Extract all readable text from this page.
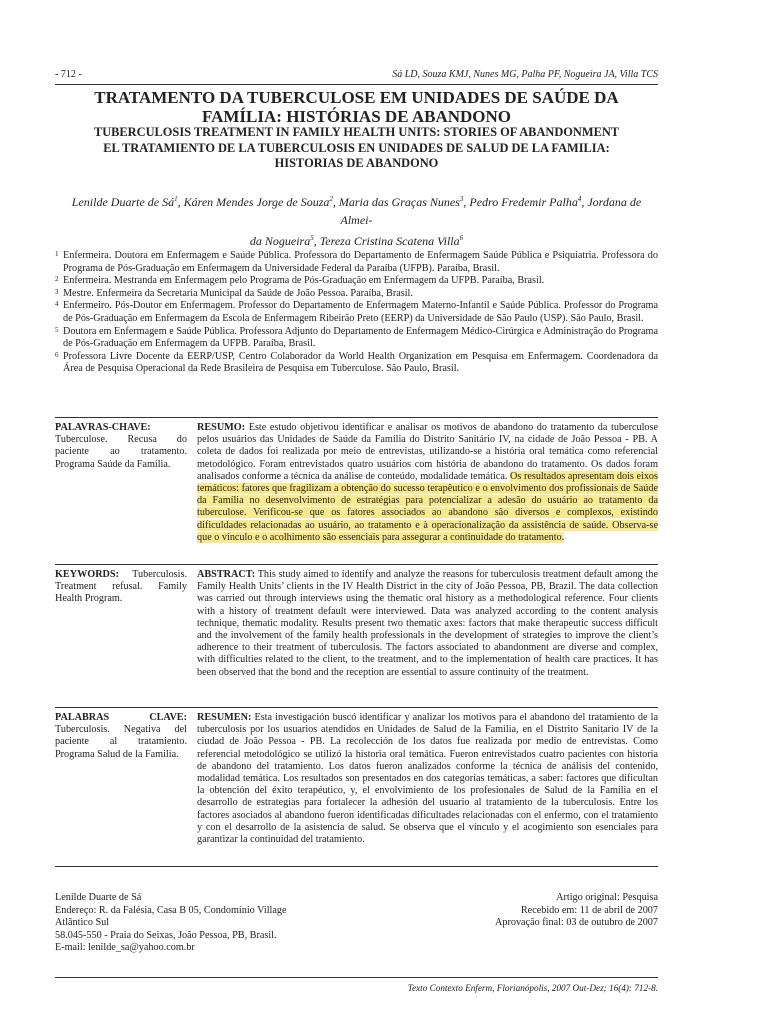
- 712 -	Sá LD, Souza KMJ, Nunes MG, Palha PF, Nogueira JA, Villa TCS
TRATAMENTO DA TUBERCULOSE EM UNIDADES DE SAÚDE DA
FAMÍLIA: HISTÓRIAS DE ABANDONO
TUBERCULOSIS TREATMENT IN FAMILY HEALTH UNITS: STORIES OF ABANDONMENT
EL TRATAMIENTO DE LA TUBERCULOSIS EN UNIDADES DE SALUD DE LA FAMILIA:
HISTORIAS DE ABANDONO
Lenilde Duarte de $Sá^1$, Káren Mendes Jorge de Souza$^2$, Maria das Graças Nunes$^3$, Pedro Fredemir Palha$^4$, Jordana de Almei-
da Nogueira$^5$, Tereza Cristina Scatena Villa$^6$
1 Enfermeira. Doutora em Enfermagem e Saúde Pública. Professora do Departamento de Enfermagem Saúde Pública e Psiquiatria. Professora do Programa de Pós-Graduação em Enfermagem da Universidade Federal da Paraíba (UFPB). Paraíba, Brasil.
2 Enfermeira. Mestranda em Enfermagem pelo Programa de Pós-Graduação em Enfermagem da UFPB. Paraíba, Brasil.
3 Mestre. Enfermeira da Secretaria Municipal da Saúde de João Pessoa. Paraíba, Brasil.
4 Enfermeiro. Pós-Doutor em Enfermagem. Professor do Departamento de Enfermagem Materno-Infantil e Saúde Pública. Professor do Programa de Pós-Graduação em Enfermagem da Escola de Enfermagem Ribeirão Preto (EERP) da Universidade de São Paulo (USP). São Paulo, Brasil.
5 Doutora em Enfermagem e Saúde Pública. Professora Adjunto do Departamento de Enfermagem Médico-Cirúrgica e Administração do Programa de Pós-Graduação em Enfermagem da UFPB. Paraíba, Brasil.
6 Professora Livre Docente da EERP/USP, Centro Colaborador da World Health Organization em Pesquisa em Enfermagem. Coordenadora da Área de Pesquisa Operacional da Rede Brasileira de Pesquisa em Tuberculose. São Paulo, Brasil.
PALAVRAS-CHAVE: Tuberculose. Recusa do paciente ao tratamento. Programa Saúde da Família.
RESUMO: Este estudo objetivou identificar e analisar os motivos de abandono do tratamento da tuberculose pelos usuários das Unidades de Saúde da Família do Distrito Sanitário IV, na cidade de João Pessoa - PB. A coleta de dados foi realizada por meio de entrevistas, utilizando-se a história oral temática como referencial metodológico. Foram entrevistados quatro usuários com história de abandono do tratamento. Os dados foram analisados conforme a técnica da análise de conteúdo, modalidade temática. Os resultados apresentam dois eixos temáticos: fatores que fragilizam a obtenção do sucesso terapêutico e o envolvimento dos profissionais de Saúde da Família no desenvolvimento de estratégias para potencializar a adesão do usuário ao tratamento da tuberculose. Verificou-se que os fatores associados ao abandono são diversos e complexos, existindo dificuldades relacionadas ao usuário, ao tratamento e à operacionalização da assistência de saúde. Observa-se que o vínculo e o acolhimento são essenciais para assegurar a continuidade do tratamento.
KEYWORDS: Tuberculosis. Treatment refusal. Family Health Program.
ABSTRACT: This study aimed to identify and analyze the reasons for tuberculosis treatment default among the Family Health Units’ clients in the IV Health District in the city of João Pessoa, PB, Brazil. The data collection was carried out through interviews using the thematic oral history as a methodological reference. Four clients with a history of treatment default were interviewed. Data was analyzed according to the content analysis technique, thematic modality. Results present two thematic axes: factors that make therapeutic success difficult and the involvement of the family health professionals in the development of strategies to improve the client’s adherence to their treatment of tuberculosis. The factors associated to abandonment are diverse and complex, with difficulties related to the client, to the treatment, and to the implementation of health care practices. It has been observed that the bond and the reception are essential to assure continuity of the treatment.
PALABRAS CLAVE: Tuberculosis. Negativa del paciente al tratamiento. Programa Salud de la Familia.
RESUMEN: Esta investigación buscó identificar y analizar los motivos para el abandono del tratamiento de la tuberculosis por los usuarios atendidos en Unidades de Salud de la Familia, en el Distrito Sanitario IV de la ciudad de João Pessoa - PB. La recolección de los datos fue realizada por medio de entrevistas. Como referencial metodológico se utilizó la historia oral temática. Fueron entrevistados cuatro pacientes con historia de abandono del tratamiento. Los datos fueron analizados conforme la técnica de análisis del contenido, modalidad temática. Los resultados son presentados en dos categorías temáticas, a saber: factores que dificultan la obtención del éxito terapéutico, y, el envolvimiento de los profesionales de Salud de la Familia en el desarrollo de estrategias para fortalecer la adhesión del usuario al tratamiento de la tuberculosis. Entre los factores asociados al abandono fueron identificadas dificultades relacionadas con el enfermo, con el tratamiento y con el desarrollo de la asistencia de salud. Se observa que el vínculo y el acogimiento son esenciales para garantizar la continuidad del tratamiento.
Lenilde Duarte de Sá
Endereço: R. da Falésia, Casa B 05, Condomínio Village
Atlântico Sul
58.045-550 - Praia do Seixas, João Pessoa, PB, Brasil.
E-mail: lenilde_sa@yahoo.com.br
Artigo original: Pesquisa
Recebido em: 11 de abril de 2007
Aprovação final: 03 de outubro de 2007
Texto Contexto Enferm, Florianópolis, 2007 Out-Dez; 16(4): 712-8.
